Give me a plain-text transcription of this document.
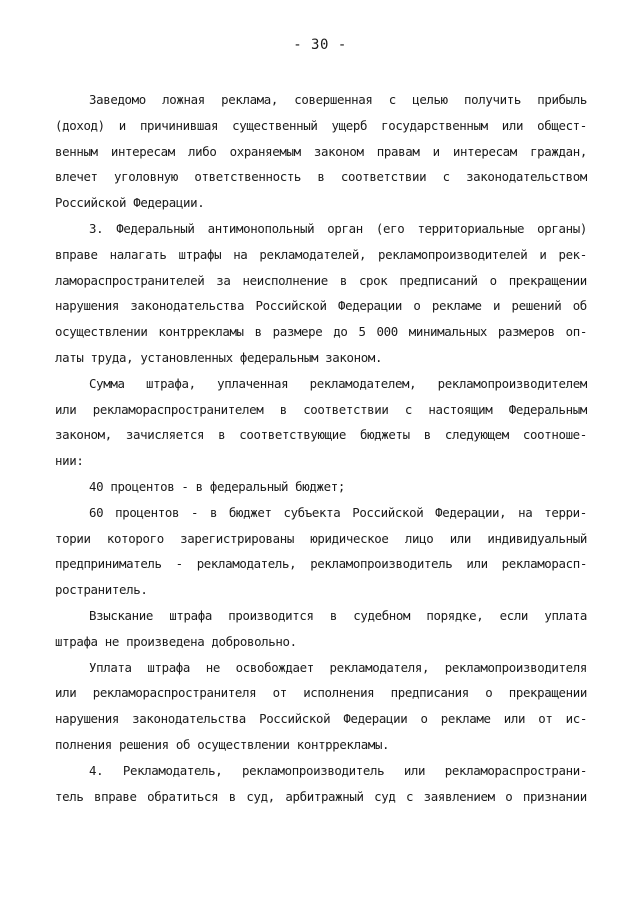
- 30 -
Заведомо ложная реклама, совершенная с целью получить прибыль
(доход) и причинившая существенный ущерб государственным или общест-
венным интересам либо охраняемым законом правам и интересам граждан,
влечет уголовную ответственность в соответствии с законодательством
Российской Федерации.
3. Федеральный антимонопольный орган (его территориальные органы)
вправе налагать штрафы на рекламодателей, рекламопроизводителей и рек-
ламораспространителей за неисполнение в срок предписаний о прекращении
нарушения законодательства Российской Федерации о рекламе и решений об
осуществлении контррекламы в размере до 5 000 минимальных размеров оп-
латы труда, установленных федеральным законом.
Сумма штрафа, уплаченная рекламодателем, рекламопроизводителем
или рекламораспространителем в соответствии с настоящим Федеральным
законом, зачисляется в соответствующие бюджеты в следующем соотноше-
нии:
40 процентов - в федеральный бюджет;
60 процентов - в бюджет субъекта Российской Федерации, на терри-
тории которого зарегистрированы юридическое лицо или индивидуальный
предприниматель - рекламодатель, рекламопроизводитель или рекламорасп-
ространитель.
Взыскание штрафа производится в судебном порядке, если уплата
штрафа не произведена добровольно.
Уплата штрафа не освобождает рекламодателя, рекламопроизводителя
или рекламораспространителя от исполнения предписания о прекращении
нарушения законодательства Российской Федерации о рекламе или от ис-
полнения решения об осуществлении контррекламы.
4. Рекламодатель, рекламопроизводитель или рекламораспространи-
тель вправе обратиться в суд, арбитражный суд с заявлением о признании
